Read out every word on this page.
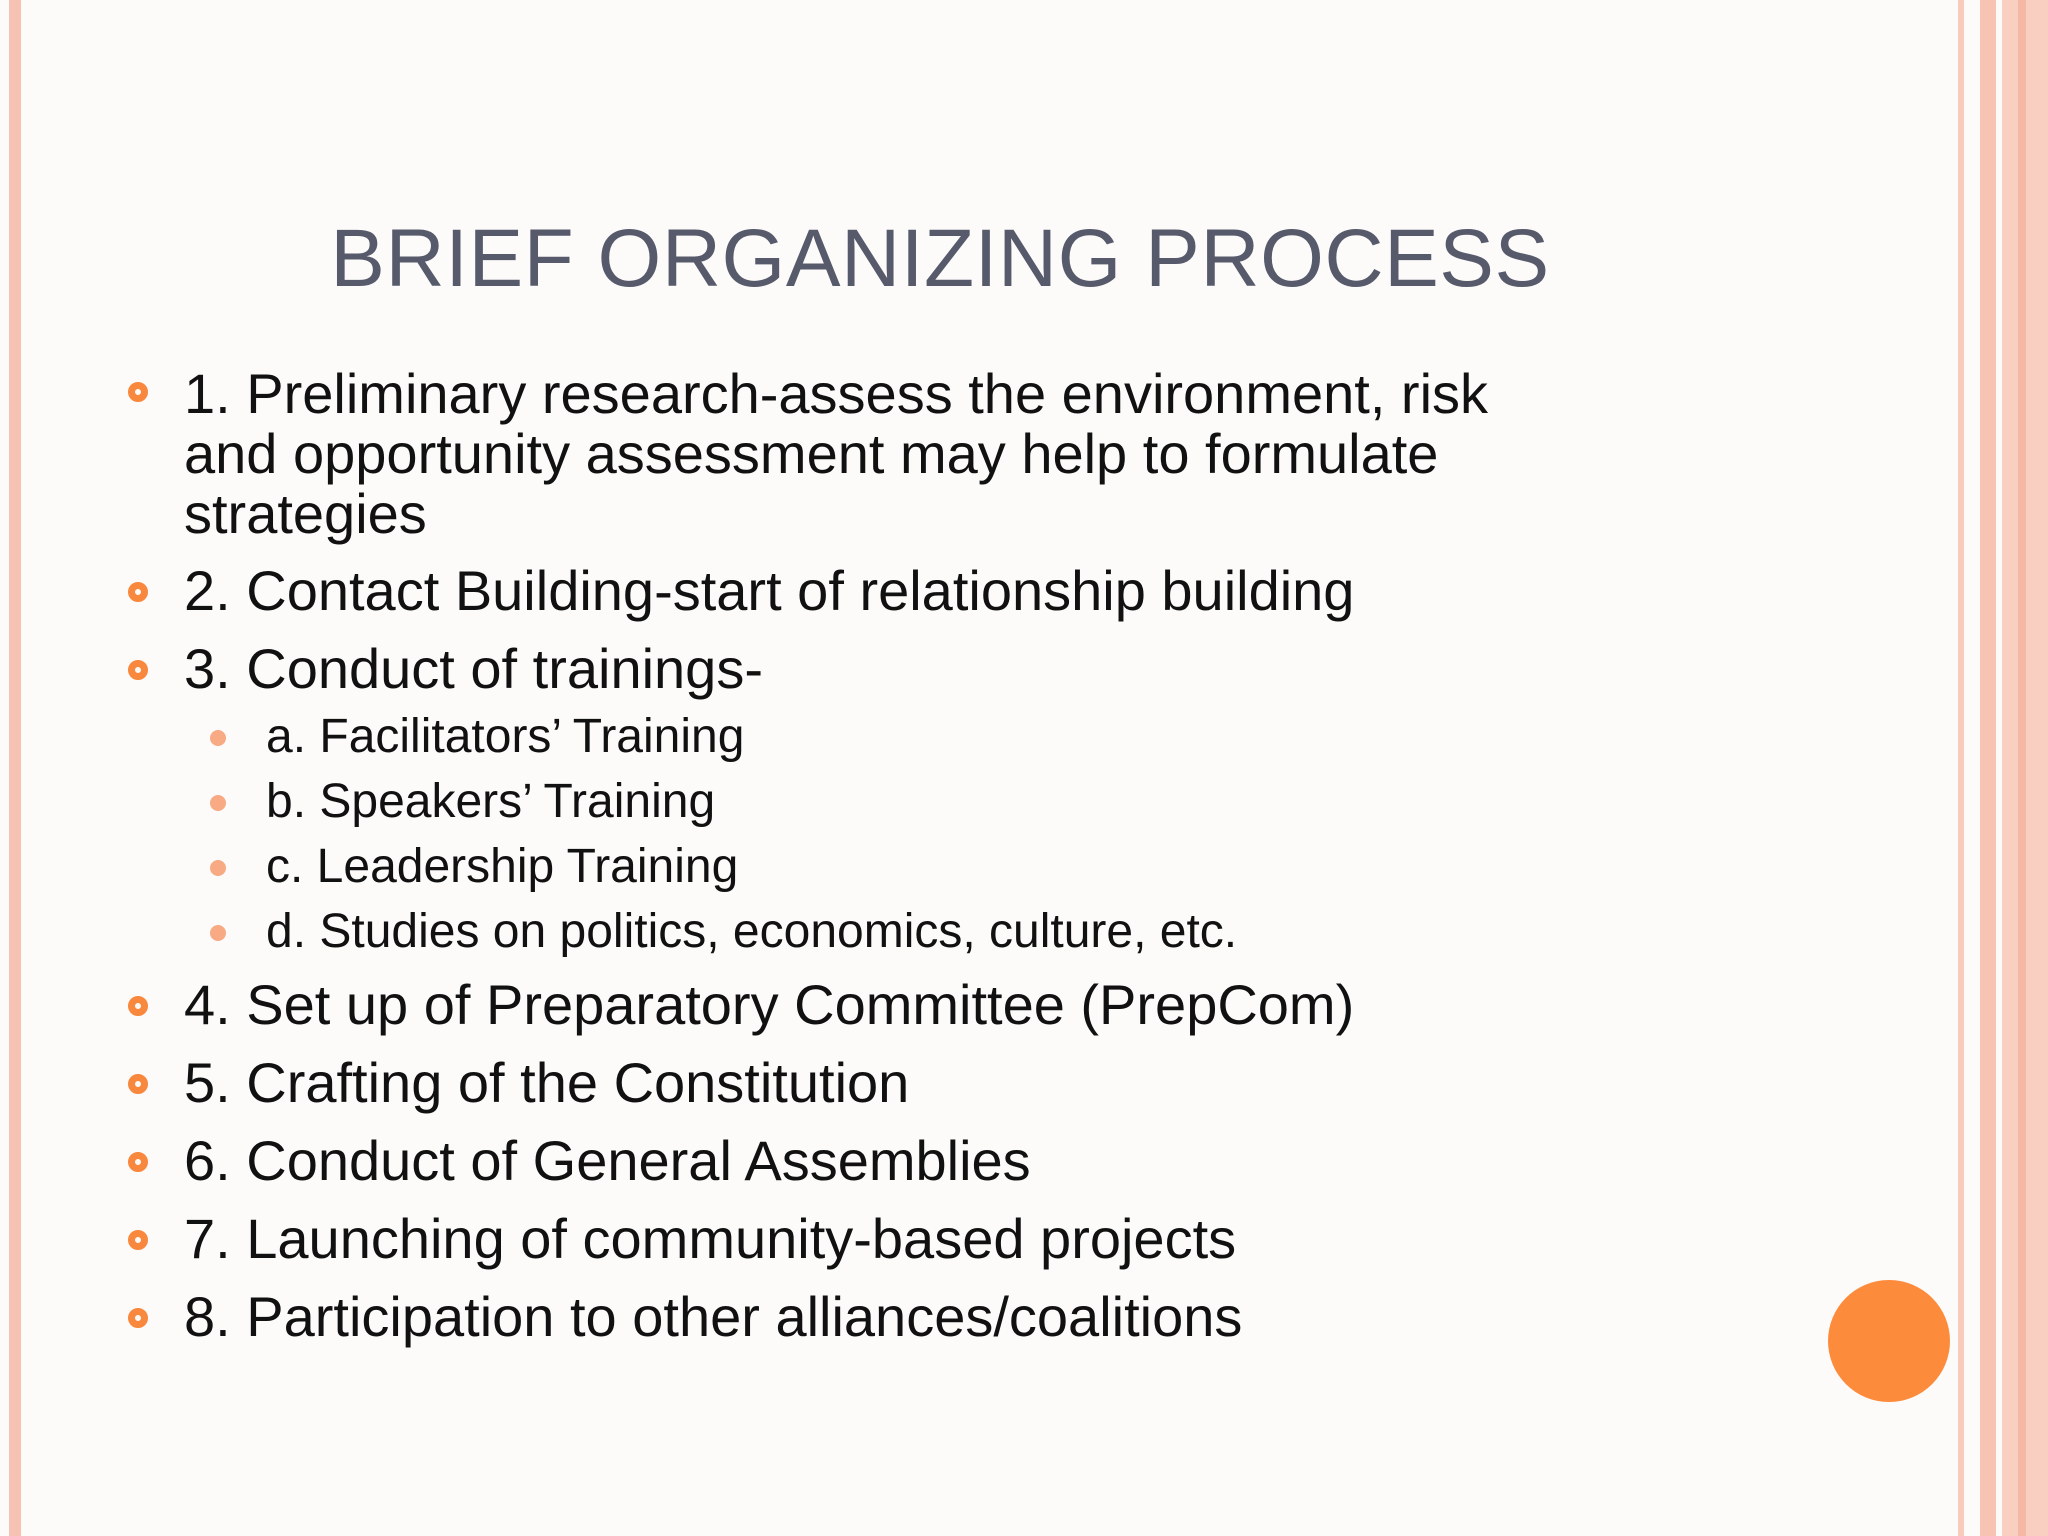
BRIEF ORGANIZING PROCESS
1. Preliminary research-assess the environment, risk
and opportunity assessment may help to formulate
strategies
2. Contact Building-start of relationship building
3. Conduct of trainings-
a. Facilitators’ Training
b. Speakers’ Training
c. Leadership Training
d. Studies on politics, economics, culture, etc.
4. Set up of Preparatory Committee (PrepCom)
5. Crafting of the Constitution
6. Conduct of General Assemblies
7. Launching of community-based projects
8. Participation to other alliances/coalitions
